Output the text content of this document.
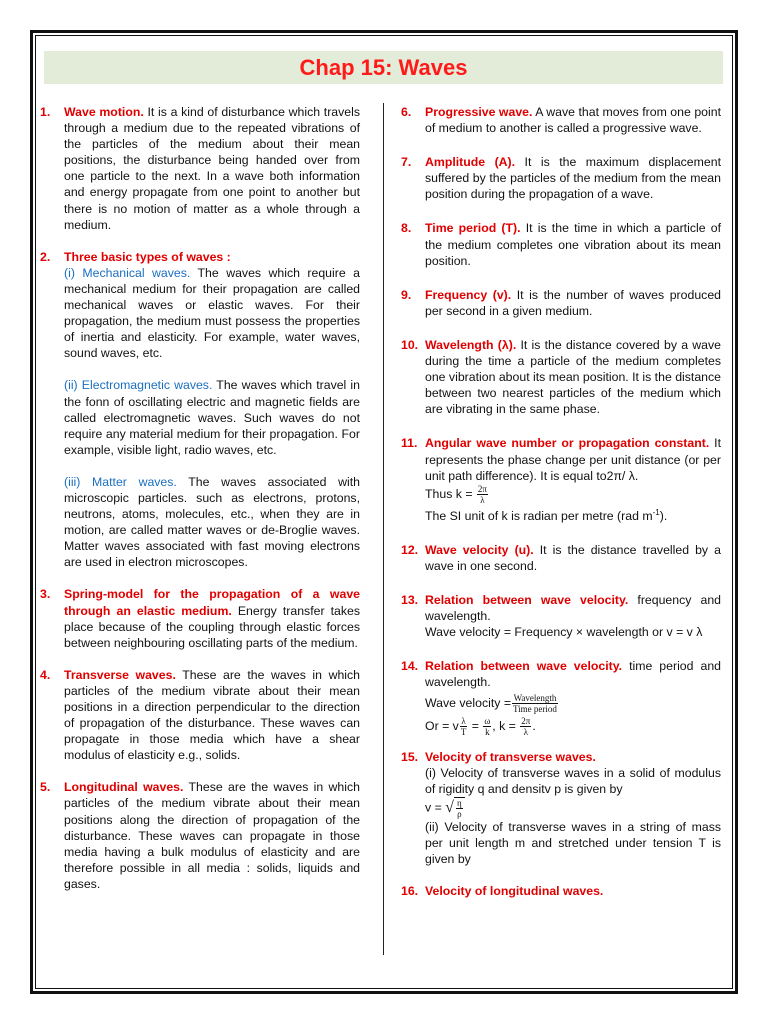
Chap 15: Waves
1. Wave motion. It is a kind of disturbance which travels through a medium due to the repeated vibrations of the particles of the medium about their mean positions, the disturbance being handed over from one particle to the next. In a wave both information and energy propagate from one point to another but there is no motion of matter as a whole through a medium.

2. Three basic types of waves :

(i) Mechanical waves. The waves which require a mechanical medium for their propagation are called mechanical waves or elastic waves. For their propagation, the medium must possess the properties of inertia and elasticity. For example, water waves, sound waves, etc.

(ii) Electromagnetic waves. The waves which travel in the fonn of oscillating electric and magnetic fields are called electromagnetic waves. Such waves do not require any material medium for their propagation. For example, visible light, radio waves, etc.

(iii) Matter waves. The waves associated with microscopic particles. such as electrons, protons, neutrons, atoms, molecules, etc., when they are in motion, are called matter waves or de-Broglie waves. Matter waves associated with fast moving electrons are used in electron microscopes.

3. Spring-model for the propagation of a wave through an elastic medium. Energy transfer takes place because of the coupling through elastic forces between neighbouring oscillating parts of the medium.

4. Transverse waves. These are the waves in which particles of the medium vibrate about their mean positions in a direction perpendicular to the direction of propagation of the disturbance. These waves can propagate in those media which have a shear modulus of elasticity e.g., solids.

5. Longitudinal waves. These are the waves in which particles of the medium vibrate about their mean positions along the direction of propagation of the disturbance. These waves can propagate in those media having a bulk modulus of elasticity and are therefore possible in all media : solids, liquids and gases.

6. Progressive wave. A wave that moves from one point of medium to another is called a progressive wave.

7. Amplitude (A). It is the maximum displacement suffered by the particles of the medium from the mean position during the propagation of a wave.

8. Time period (T). It is the time in which a particle of the medium completes one vibration about its mean position.

9. Frequency (v). It is the number of waves produced per second in a given medium.

10. Wavelength (λ). It is the distance covered by a wave during the time a particle of the medium completes one vibration about its mean position. It is the distance between two nearest particles of the medium which are vibrating in the same phase.

11. Angular wave number or propagation constant. It represents the phase change per unit distance (or per unit path difference). It is equal to2π/ λ.

Thus $k = \frac{2\pi}{\lambda}$

The SI unit of k is radian per metre (rad $m^{-1}$).

12. Wave velocity (u). It is the distance travelled by a wave in one second.

13. Relation between wave velocity. frequency and wavelength.

Wave velocity = Frequency × wavelength or v = v λ

14. Relation between wave velocity. time period and wavelength.

Wave velocity = $\frac{\text{Wavelength}}{\text{Time period}}$

Or = v $\frac{\lambda}{T} = \frac{\omega}{k}$ , $k = \frac{2\pi}{\lambda}$ .

15. Velocity of transverse waves.

(i) Velocity of transverse waves in a solid of modulus of rigidity q and densitv p is given by

v = √ $\frac{\eta}{\rho}$

(ii) Velocity of transverse waves in a string of mass per unit length m and stretched under tension T is given by

16. Velocity of longitudinal waves.
